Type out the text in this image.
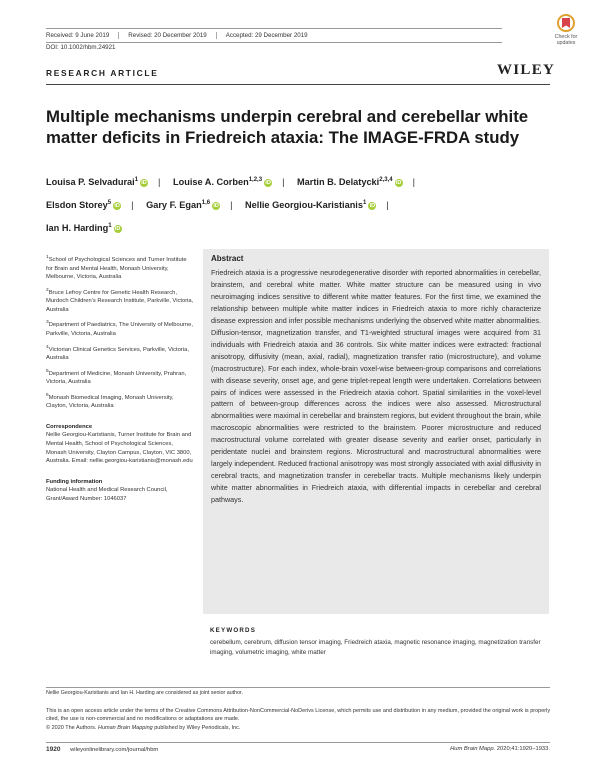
Received: 9 June 2019	Revised: 20 December 2019	Accepted: 29 December 2019
DOI: 10.1002/hbm.24921
Check for updates
RESEARCH ARTICLE	WILEY
Multiple mechanisms underpin cerebral and cerebellar white matter deficits in Friedreich ataxia: The IMAGE-FRDA study
Louisa P. Selvadurai$^1$iD | Louise A. Corben$^{1,2,3}$iD | Martin B. Delatycki$^{2,3,4}$iD |
Elsdon Storey$^5$iD | Gary F. Egan$^{1,6}$iD | Nellie Georgiou-Karistianis$^1$iD |
Ian H. Harding$^1$iD

$^1$School of Psychological Sciences and Turner Institute for Brain and Mental Health, Monash University, Melbourne, Victoria, Australia

$^2$Bruce Lefroy Centre for Genetic Health Research, Murdoch Children's Research Institute, Parkville, Victoria, Australia

$^3$Department of Paediatrics, The University of Melbourne, Parkville, Victoria, Australia

$^4$Victorian Clinical Genetics Services, Parkville, Victoria, Australia

$^5$Department of Medicine, Monash University, Prahran, Victoria, Australia

$^6$Monash Biomedical Imaging, Monash University, Clayton, Victoria, Australia

Correspondence

Nellie Georgiou-Karistianis, Turner Institute for Brain and Mental Health, School of Psychological Sciences, Monash University, Clayton Campus, Clayton, VIC 3800, Australia. Email: nellie.georgiou-karistianis@monash.edu

Funding information

National Health and Medical Research Council, Grant/Award Number: 1046037

Abstract
Friedreich ataxia is a progressive neurodegenerative disorder with reported abnormalities in cerebellar, brainstem, and cerebral white matter. White matter structure can be measured using in vivo neuroimaging indices sensitive to different white matter features. For the first time, we examined the relationship between multiple white matter indices in Friedreich ataxia to more richly characterize disease expression and infer possible mechanisms underlying the observed white matter abnormalities. Diffusion-tensor, magnetization transfer, and T1-weighted structural images were acquired from 31 individuals with Friedreich ataxia and 36 controls. Six white matter indices were extracted: fractional anisotropy, diffusivity (mean, axial, radial), magnetization transfer ratio (microstructure), and volume (macrostructure). For each index, whole-brain voxel-wise between-group comparisons and correlations with disease severity, onset age, and gene triplet-repeat length were undertaken. Correlations between pairs of indices were assessed in the Friedreich ataxia cohort. Spatial similarities in the voxel-level pattern of between-group differences across the indices were also assessed. Microstructural abnormalities were maximal in cerebellar and brainstem regions, but evident throughout the brain, while macroscopic abnormalities were restricted to the brainstem. Poorer microstructure and reduced macrostructural volume correlated with greater disease severity and earlier onset, particularly in peridentate nuclei and brainstem regions. Microstructural and macrostructural abnormalities were largely independent. Reduced fractional anisotropy was most strongly associated with axial diffusivity in cerebral tracts, and magnetization transfer in cerebellar tracts. Multiple mechanisms likely underpin white matter abnormalities in Friedreich ataxia, with differential impacts in cerebellar and cerebral pathways.
KEYWORDS
cerebellum, cerebrum, diffusion tensor imaging, Friedreich ataxia, magnetic resonance imaging, magnetization transfer imaging, volumetric imaging, white matter
Nellie Georgiou-Karistianis and Ian H. Harding are considered as joint senior author.
This is an open access article under the terms of the Creative Commons Attribution-NonCommercial-NoDerivs License, which permits use and distribution in any medium, provided the original work is properly cited, the use is non-commercial and no modifications or adaptations are made.
© 2020 The Authors. Human Brain Mapping published by Wiley Periodicals, Inc.
1920 wileyonlinelibrary.com/journal/hbm	Hum Brain Mapp. 2020;41:1920–1933.
